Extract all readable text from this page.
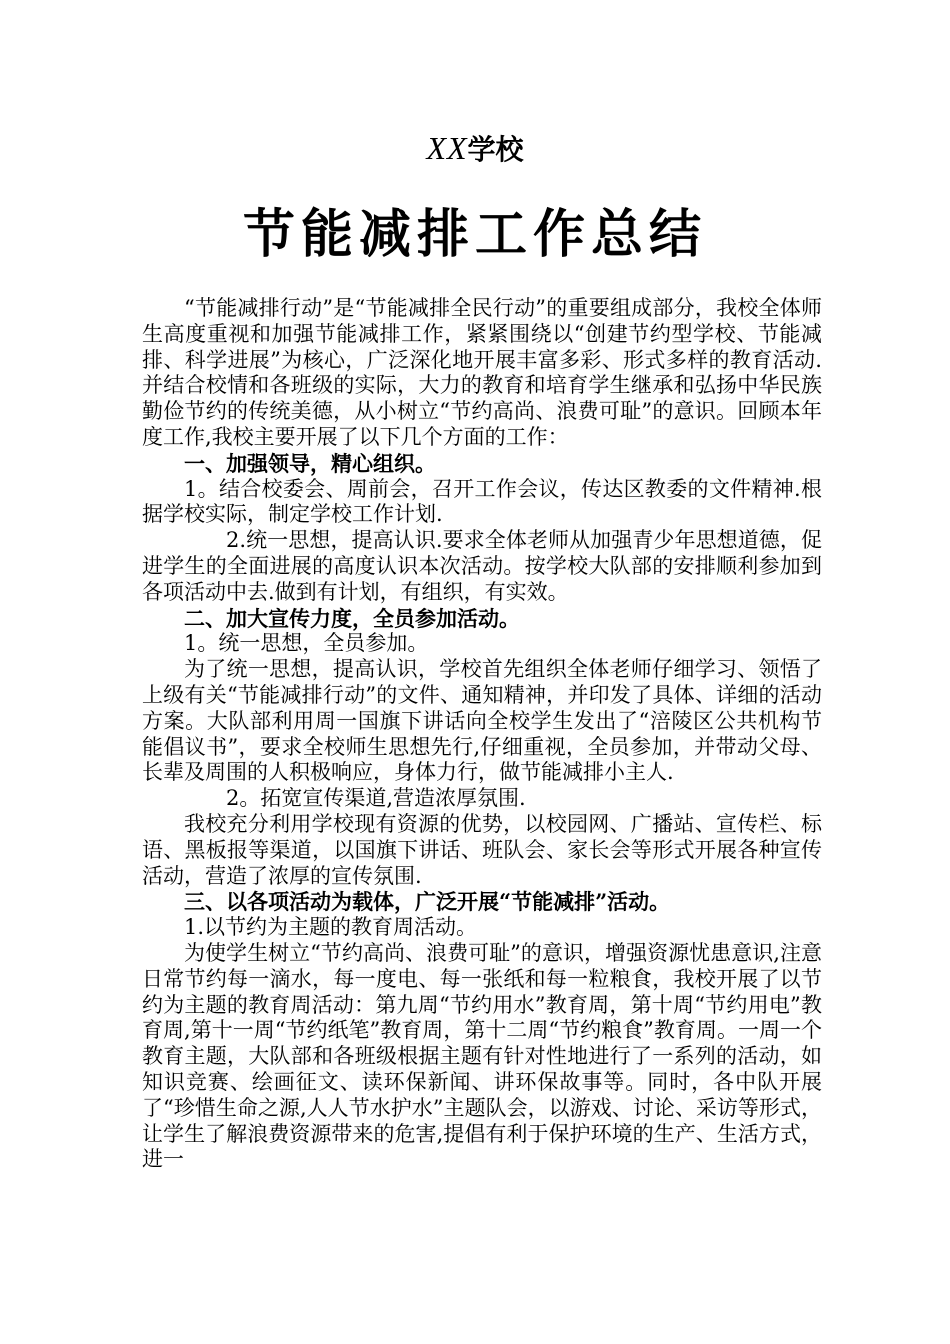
XX学校
节能减排工作总结

“节能减排行动”是“节能减排全民行动”的重要组成部分，我校全体师生高度重视和加强节能减排工作，紧紧围绕以“创建节约型学校、节能减排、科学进展”为核心，广泛深化地开展丰富多彩、形式多样的教育活动.并结合校情和各班级的实际，大力的教育和培育学生继承和弘扬中华民族勤俭节约的传统美德，从小树立“节约高尚、浪费可耻”的意识。回顾本年度工作,我校主要开展了以下几个方面的工作：

一、加强领导，精心组织。

1。结合校委会、周前会，召开工作会议，传达区教委的文件精神.根据学校实际，制定学校工作计划.

2.统一思想，提高认识.要求全体老师从加强青少年思想道德，促进学生的全面进展的高度认识本次活动。按学校大队部的安排顺利参加到各项活动中去.做到有计划，有组织，有实效。

二、加大宣传力度，全员参加活动。

1。统一思想，全员参加。

为了统一思想，提高认识，学校首先组织全体老师仔细学习、领悟了上级有关“节能减排行动”的文件、通知精神，并印发了具体、详细的活动方案。大队部利用周一国旗下讲话向全校学生发出了“涪陵区公共机构节能倡议书”，要求全校师生思想先行,仔细重视，全员参加，并带动父母、长辈及周围的人积极响应，身体力行，做节能减排小主人.

2。拓宽宣传渠道,营造浓厚氛围.

我校充分利用学校现有资源的优势，以校园网、广播站、宣传栏、标语、黑板报等渠道，以国旗下讲话、班队会、家长会等形式开展各种宣传活动，营造了浓厚的宣传氛围.

三、以各项活动为载体，广泛开展“节能减排”活动。

1.以节约为主题的教育周活动。

为使学生树立“节约高尚、浪费可耻”的意识，增强资源忧患意识,注意日常节约每一滴水，每一度电、每一张纸和每一粒粮食，我校开展了以节约为主题的教育周活动：第九周“节约用水”教育周，第十周“节约用电”教育周,第十一周“节约纸笔”教育周，第十二周“节约粮食”教育周。一周一个教育主题，大队部和各班级根据主题有针对性地进行了一系列的活动，如知识竞赛、绘画征文、读环保新闻、讲环保故事等。同时，各中队开展了“珍惜生命之源,人人节水护水”主题队会，以游戏、讨论、采访等形式，让学生了解浪费资源带来的危害,提倡有利于保护环境的生产、生活方式，进一
